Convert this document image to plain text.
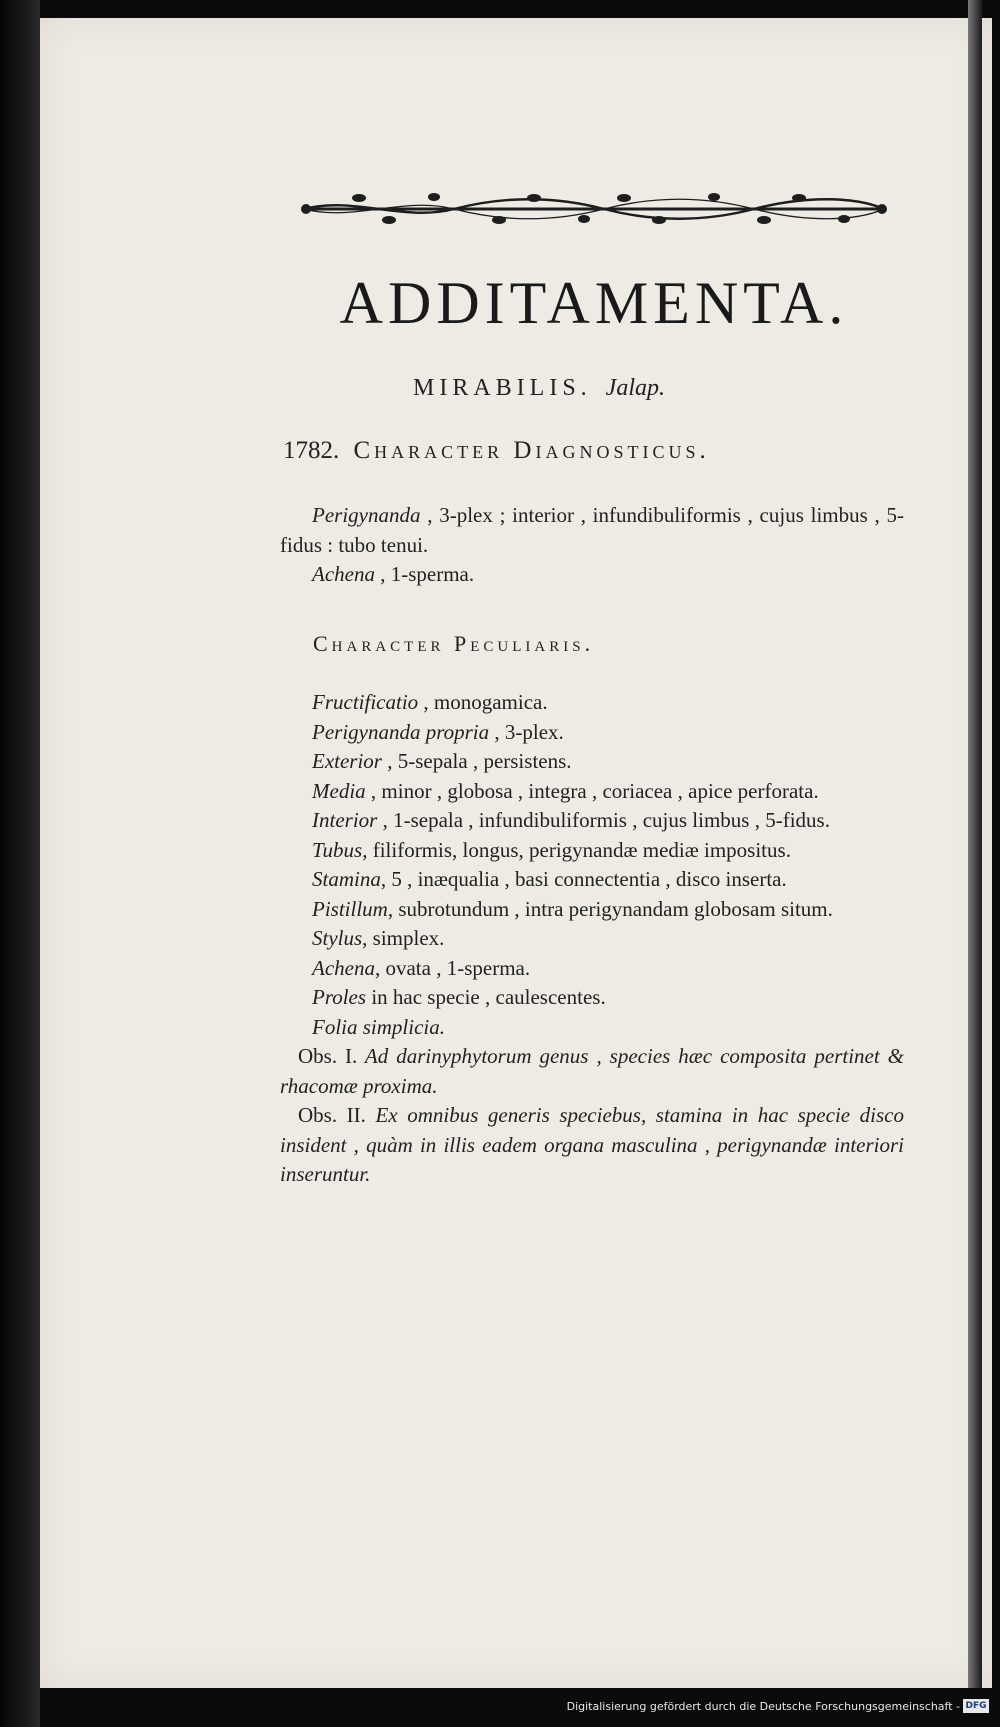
ADDITAMENTA.
MIRABILIS. Jalap.
1782. Character Diagnosticus.

Perigynanda , 3-plex ; interior , infundibuliformis , cujus limbus , 5-fidus : tubo tenui.

Achena , 1-sperma.

Character Peculiaris.

Fructificatio , monogamica.

Perigynanda propria , 3-plex.

Exterior , 5-sepala , persistens.

Media , minor , globosa , integra , coriacea , apice perforata.

Interior , 1-sepala , infundibuliformis , cujus limbus , 5-fidus.

Tubus, filiformis, longus, perigynandæ mediæ impositus.

Stamina, 5 , inæqualia , basi connectentia , disco inserta.

Pistillum, subrotundum , intra perigynandam globosam situm.

Stylus, simplex.

Achena, ovata , 1-sperma.

Proles in hac specie , caulescentes.

Folia simplicia.

Obs. I. Ad darinyphytorum genus , species hæc composita pertinet & rhacomæ proxima.

Obs. II. Ex omnibus generis speciebus, stamina in hac specie disco insident , quàm in illis eadem organa masculina , perigynandæ interiori inseruntur.

Digitalisierung gefördert durch die Deutsche Forschungsgemeinschaft - DFG
